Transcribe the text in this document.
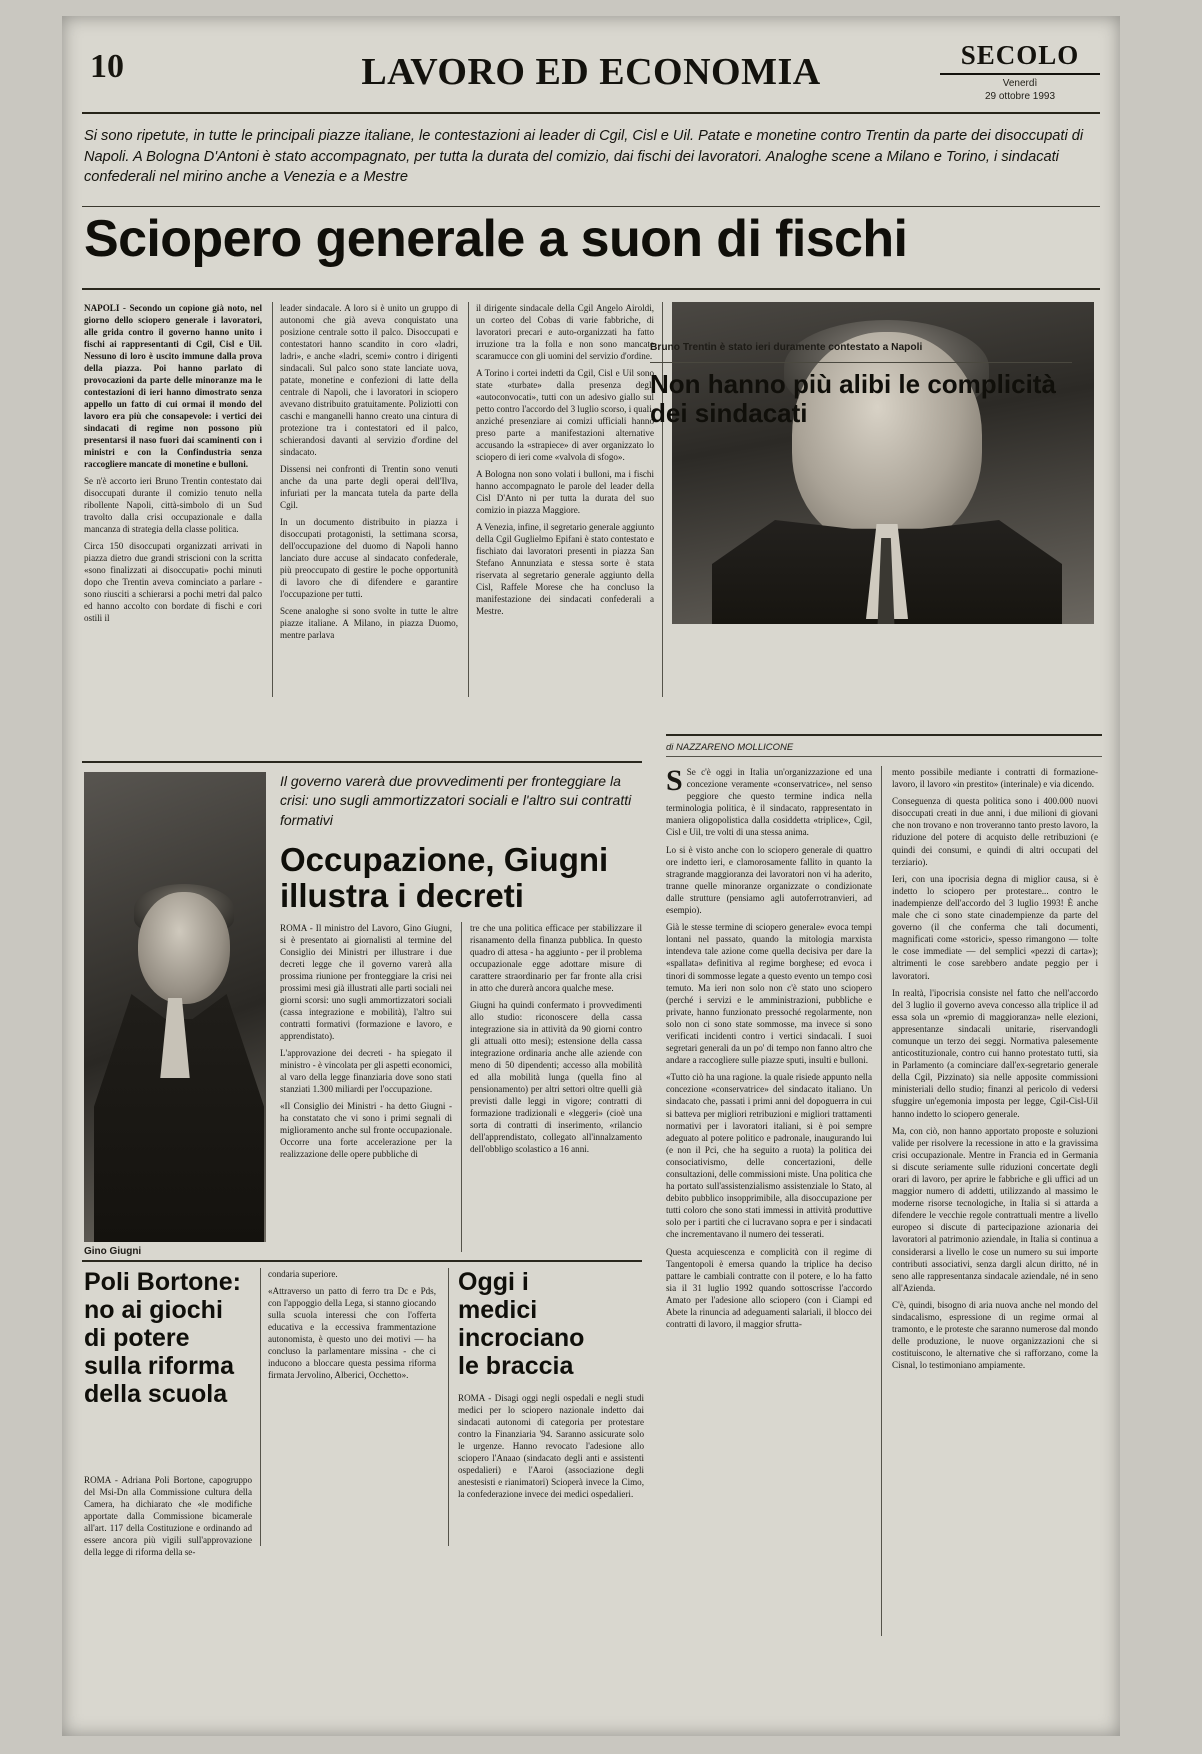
10	LAVORO ED ECONOMIA	SECOLO
Venerdì
29 ottobre 1993
Si sono ripetute, in tutte le principali piazze italiane, le contestazioni ai leader di Cgil, Cisl e Uil. Patate e monetine contro Trentin da parte dei disoccupati di Napoli. A Bologna D'Antoni è stato accompagnato, per tutta la durata del comizio, dai fischi dei lavoratori. Analoghe scene a Milano e Torino, i sindacati confederali nel mirino anche a Venezia e a Mestre
Sciopero generale a suon di fischi

NAPOLI - Secondo un copione già noto, nel giorno dello sciopero generale i lavoratori, alle grida contro il governo hanno unito i fischi ai rappresentanti di Cgil, Cisl e Uil. Nessuno di loro è uscito immune dalla prova della piazza. Poi hanno parlato di provocazioni da parte delle minoranze ma le contestazioni di ieri hanno dimostrato senza appello un fatto di cui ormai il mondo del lavoro era più che consapevole: i vertici dei sindacati di regime non possono più presentarsi il naso fuori dai scaminenti con i ministri e con la Confindustria senza raccogliere mancate di monetine e bulloni.

Se n'è accorto ieri Bruno Trentin contestato dai disoccupati durante il comizio tenuto nella ribollente Napoli, città-simbolo di un Sud travolto dalla crisi occupazionale e dalla mancanza di strategia della classe politica.

Circa 150 disoccupati organizzati arrivati in piazza dietro due grandi striscioni con la scritta «sono finalizzati ai disoccupati» pochi minuti dopo che Trentin aveva cominciato a parlare - sono riusciti a schierarsi a pochi metri dal palco ed hanno accolto con bordate di fischi e cori ostili il

leader sindacale. A loro si è unito un gruppo di autonomi che già aveva conquistato una posizione centrale sotto il palco. Disoccupati e contestatori hanno scandito in coro «ladri, ladri», e anche «ladri, scemi» contro i dirigenti sindacali. Sul palco sono state lanciate uova, patate, monetine e confezioni di latte della centrale di Napoli, che i lavoratori in sciopero avevano distribuito gratuitamente. Poliziotti con caschi e manganelli hanno creato una cintura di protezione tra i contestatori ed il palco, schierandosi davanti al servizio d'ordine del sindacato.

Dissensi nei confronti di Trentin sono venuti anche da una parte degli operai dell'Ilva, infuriati per la mancata tutela da parte della Cgil.

In un documento distribuito in piazza i disoccupati protagonisti, la settimana scorsa, dell'occupazione del duomo di Napoli hanno lanciato dure accuse al sindacato confederale, più preoccupato di gestire le poche opportunità di lavoro che di difendere e garantire l'occupazione per tutti.

Scene analoghe si sono svolte in tutte le altre piazze italiane. A Milano, in piazza Duomo, mentre parlava

il dirigente sindacale della Cgil Angelo Airoldi, un corteo del Cobas di varie fabbriche, di lavoratori precari e auto-organizzati ha fatto irruzione tra la folla e non sono mancate scaramucce con gli uomini del servizio d'ordine.

A Torino i cortei indetti da Cgil, Cisl e Uil sono state «turbate» dalla presenza degli «autoconvocati», tutti con un adesivo giallo sul petto contro l'accordo del 3 luglio scorso, i quali, anziché presenziare ai comizi ufficiali hanno preso parte a manifestazioni alternative accusando la «strapiece» di aver organizzato lo sciopero di ieri come «valvola di sfogo».

A Bologna non sono volati i bulloni, ma i fischi hanno accompagnato le parole del leader della Cisl D'Anto ni per tutta la durata del suo comizio in piazza Maggiore.

A Venezia, infine, il segretario generale aggiunto della Cgil Guglielmo Epifani è stato contestato e fischiato dai lavoratori presenti in piazza San Stefano Annunziata e stessa sorte è stata riservata al segretario generale aggiunto della Cisl, Raffele Morese che ha concluso la manifestazione dei sindacati confederali a Mestre.

Bruno Trentin è stato ieri duramente contestato a Napoli
Non hanno più alibi le complicità dei sindacati
di NAZZARENO MOLLICONE

S Se c'è oggi in Italia un'organizzazione ed una concezione veramente «conservatrice», nel senso peggiore che questo termine indica nella terminologia politica, è il sindacato, rappresentato in maniera oligopolistica dalla cosiddetta «triplice», Cgil, Cisl e Uil, tre volti di una stessa anima.

Lo si è visto anche con lo sciopero generale di quattro ore indetto ieri, e clamorosamente fallito in quanto la stragrande maggioranza dei lavoratori non vi ha aderito, tranne quelle minoranze organizzate o condizionate dalle strutture (pensiamo agli autoferrotranvieri, ad esempio).

Già le stesse termine di sciopero generale» evoca tempi lontani nel passato, quando la mitologia marxista intendeva tale azione come quella decisiva per dare la «spallata» definitiva al regime borghese; ed evoca i tinori di sommosse legate a questo evento un tempo così temuto. Ma ieri non solo non c'è stato uno sciopero (perché i servizi e le amministrazioni, pubbliche e private, hanno funzionato pressoché regolarmente, non solo non ci sono state sommosse, ma invece si sono verificati incidenti contro i vertici sindacali. I suoi segretari generali da un po' di tempo non fanno altro che andare a raccogliere sulle piazze sputi, insulti e bulloni.

«Tutto ciò ha una ragione. la quale risiede appunto nella concezione «conservatrice» del sindacato italiano. Un sindacato che, passati i primi anni del dopoguerra in cui si batteva per migliori retribuzioni e migliori trattamenti normativi per i lavoratori italiani, si è poi sempre adeguato al potere politico e padronale, inaugurando lui (e non il Pci, che ha seguito a ruota) la politica dei consociativismo, delle concertazioni, delle consultazioni, delle commissioni miste. Una politica che ha portato sull'assistenzialismo assistenziale lo Stato, al debito pubblico insopprimibile, alla disoccupazione per tutti coloro che sono stati immessi in attività produttive solo per i partiti che ci lucravano sopra e per i sindacati che incrementavano il numero dei tesserati.

Questa acquiescenza e complicità con il regime di Tangentopoli è emersa quando la triplice ha deciso pattare le cambiali contratte con il potere, e lo ha fatto sia il 31 luglio 1992 quando sottoscrisse l'accordo Amato per l'adesione allo sciopero (con i Ciampi ed Abete la rinuncia ad adeguamenti salariali, il blocco dei contratti di lavoro, il maggior sfrutta-

mento possibile mediante i contratti di formazione-lavoro, il lavoro «in prestito» (interinale) e via dicendo.

Conseguenza di questa politica sono i 400.000 nuovi disoccupati creati in due anni, i due milioni di giovani che non trovano e non troveranno tanto presto lavoro, la riduzione del potere di acquisto delle retribuzioni (e quindi dei consumi, e quindi di altri occupati del terziario).

Ieri, con una ipocrisia degna di miglior causa, si è indetto lo sciopero per protestare... contro le inadempienze dell'accordo del 3 luglio 1993! È anche male che ci sono state cinadempienze da parte del governo (il che conferma che tali documenti, magnificati come «storici», spesso rimangono — tolte le cose immediate — del semplici «pezzi di carta»); altrimenti le cose sarebbero andate peggio per i lavoratori.

In realtà, l'ipocrisia consiste nel fatto che nell'accordo del 3 luglio il governo aveva concesso alla triplice il ad essa sola un «premio di maggioranza» nelle elezioni, appresentanze sindacali unitarie, riservandogli comunque un terzo dei seggi. Normativa palesemente anticostituzionale, contro cui hanno protestato tutti, sia in Parlamento (a cominciare dall'ex-segretario generale della Cgil, Pizzinato) sia nelle apposite commissioni ministeriali dello studio; finanzi al pericolo di vedersi sfuggire un'egemonia imposta per legge, Cgil-Cisl-Uil hanno indetto lo sciopero generale.

Ma, con ciò, non hanno apportato proposte e soluzioni valide per risolvere la recessione in atto e la gravissima crisi occupazionale. Mentre in Francia ed in Germania si discute seriamente sulle riduzioni concertate degli orari di lavoro, per aprire le fabbriche e gli uffici ad un maggior numero di addetti, utilizzando al massimo le moderne risorse tecnologiche, in Italia si si attarda a difendere le vecchie regole contrattuali mentre a livello europeo si discute di partecipazione azionaria dei lavoratori al patrimonio aziendale, in Italia si continua a considerarsi a livello le cose un numero su sui importe contributi associativi, senza dargli alcun diritto, né in seno alle rappresentanza sindacale aziendale, né in seno all'Azienda.

C'è, quindi, bisogno di aria nuova anche nel mondo del sindacalismo, espressione di un regime ormai al tramonto, e le proteste che saranno numerose dal mondo delle produzione, le nuove organizzazioni che si costituiscono, le alternative che si rafforzano, come la Cisnal, lo testimoniano ampiamente.

Gino Giugni
Il governo varerà due provvedimenti per fronteggiare la crisi: uno sugli ammortizzatori sociali e l'altro sui contratti formativi
Occupazione, Giugni illustra i decreti

ROMA - Il ministro del Lavoro, Gino Giugni, si è presentato ai giornalisti al termine del Consiglio dei Ministri per illustrare i due decreti legge che il governo varerà alla prossima riunione per fronteggiare la crisi nei prossimi mesi già illustrati alle parti sociali nei giorni scorsi: uno sugli ammortizzatori sociali (cassa integrazione e mobilità), l'altro sui contratti formativi (formazione e lavoro, e apprendistato).

L'approvazione dei decreti - ha spiegato il ministro - è vincolata per gli aspetti economici, al varo della legge finanziaria dove sono stati stanziati 1.300 miliardi per l'occupazione.

«Il Consiglio dei Ministri - ha detto Giugni - ha constatato che vi sono i primi segnali di miglioramento anche sul fronte occupazionale. Occorre una forte accelerazione per la realizzazione delle opere pubbliche di

tre che una politica efficace per stabilizzare il risanamento della finanza pubblica. In questo quadro di attesa - ha aggiunto - per il problema occupazionale egge adottare misure di carattere straordinario per far fronte alla crisi in atto che durerà ancora qualche mese.

Giugni ha quindi confermato i provvedimenti allo studio: riconoscere della cassa integrazione sia in attività da 90 giorni contro gli attuali otto mesi); estensione della cassa integrazione ordinaria anche alle aziende con meno di 50 dipendenti; accesso alla mobilità ed alla mobilità lunga (quella fino al pensionamento) per altri settori oltre quelli già previsti dalle leggi in vigore; contratti di formazione tradizionali e «leggeri» (cioè una sorta di contratti di inserimento, «rilancio dell'apprendistato, collegato all'innalzamento dell'obbligo scolastico a 16 anni.

Poli Bortone: no ai giochi di potere sulla riforma della scuola
ROMA - Adriana Poli Bortone, capogruppo del Msi-Dn alla Commissione cultura della Camera, ha dichiarato che «le modifiche apportate dalla Commissione bicamerale all'art. 117 della Costituzione e ordinando ad essere ancora più vigili sull'approvazione della legge di riforma della se-

condaria superiore.

«Attraverso un patto di ferro tra Dc e Pds, con l'appoggio della Lega, si stanno giocando sulla scuola interessi che con l'offerta educativa e la eccessiva frammentazione autonomista, è questo uno dei motivi — ha concluso la parlamentare missina - che ci inducono a bloccare questa pessima riforma firmata Jervolino, Alberici, Occhetto».

Oggi i medici incrociano le braccia

ROMA - Disagi oggi negli ospedali e negli studi medici per lo sciopero nazionale indetto dai sindacati autonomi di categoria per protestare contro la Finanziaria '94. Saranno assicurate solo le urgenze. Hanno revocato l'adesione allo sciopero l'Anaao (sindacato degli anti e assistenti ospedalieri) e l'Aaroi (associazione degli anestesisti e rianimatori) Scioperà invece la Cimo, la confederazione invece dei medici ospedalieri.
